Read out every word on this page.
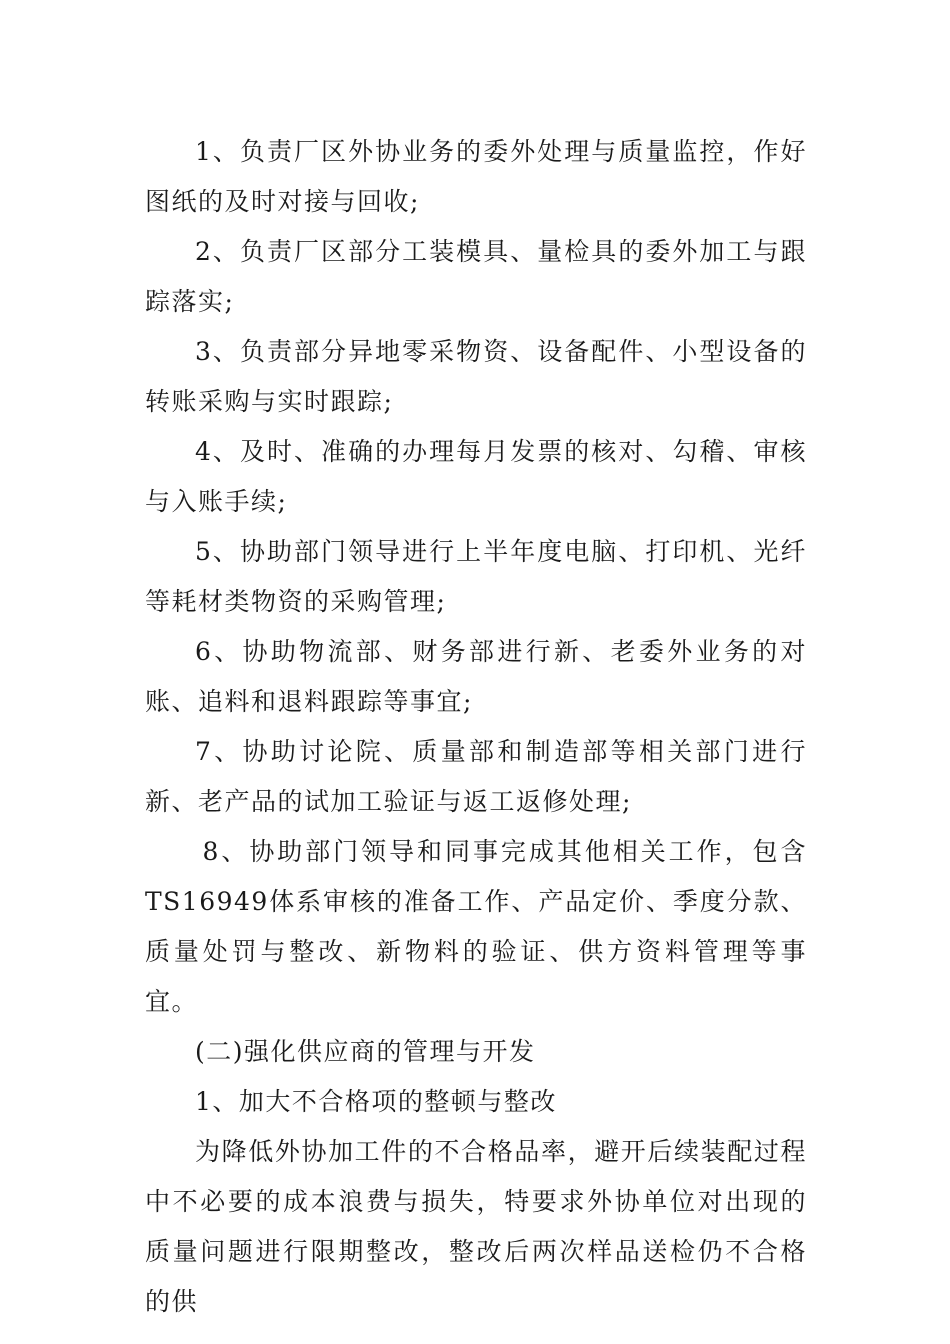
1、负责厂区外协业务的委外处理与质量监控，作好图纸的及时对接与回收;

2、负责厂区部分工装模具、量检具的委外加工与跟踪落实;

3、负责部分异地零采物资、设备配件、小型设备的转账采购与实时跟踪;

4、及时、准确的办理每月发票的核对、勾稽、审核与入账手续;

5、协助部门领导进行上半年度电脑、打印机、光纤等耗材类物资的采购管理;

6、协助物流部、财务部进行新、老委外业务的对账、追料和退料跟踪等事宜;

7、协助讨论院、质量部和制造部等相关部门进行新、老产品的试加工验证与返工返修处理;

8、协助部门领导和同事完成其他相关工作，包含TS16949体系审核的准备工作、产品定价、季度分款、质量处罚与整改、新物料的验证、供方资料管理等事宜。

(二)强化供应商的管理与开发

1、加大不合格项的整顿与整改

为降低外协加工件的不合格品率，避开后续装配过程中不必要的成本浪费与损失，特要求外协单位对出现的质量问题进行限期整改，整改后两次样品送检仍不合格的供
